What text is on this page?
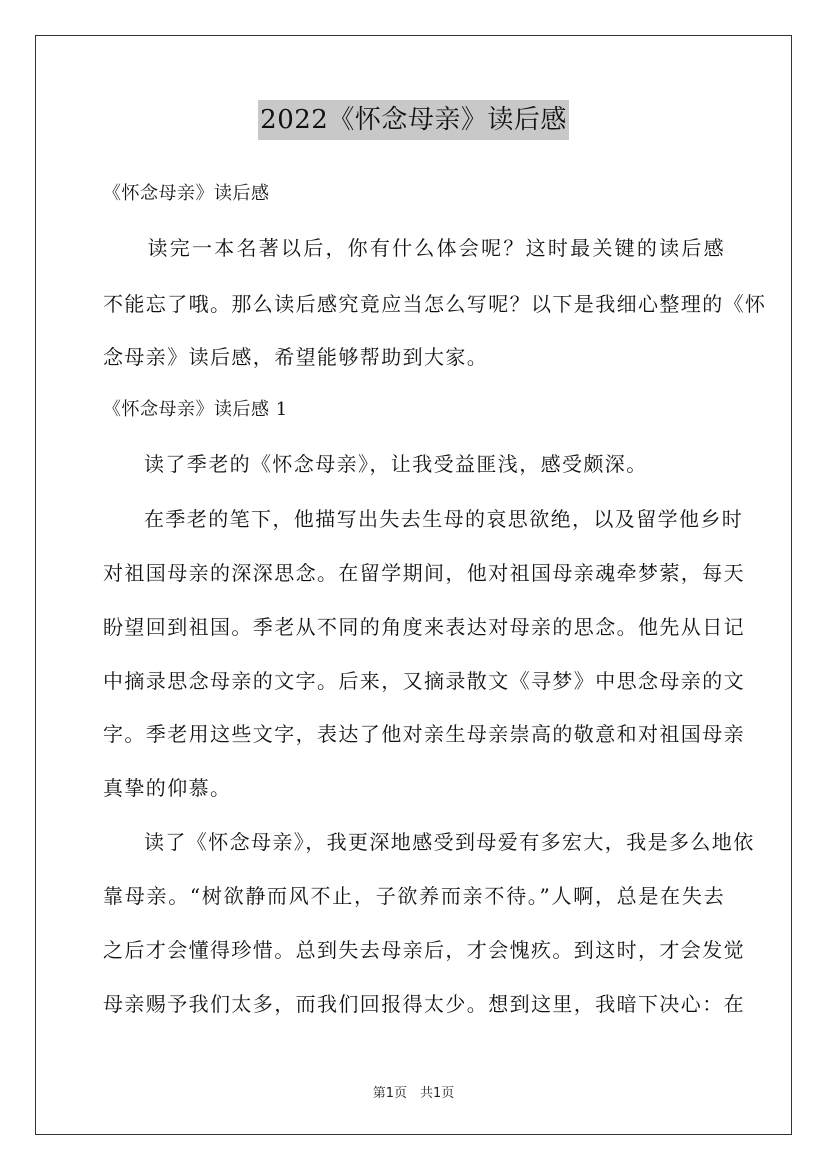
2022《怀念母亲》读后感
《怀念母亲》读后感
　　读完一本名著以后，你有什么体会呢？这时最关键的读后感
不能忘了哦。那么读后感究竟应当怎么写呢？以下是我细心整理的《怀
念母亲》读后感，希望能够帮助到大家。
《怀念母亲》读后感 1
读了季老的《怀念母亲》，让我受益匪浅，感受颇深。
在季老的笔下，他描写出失去生母的哀思欲绝，以及留学他乡时
对祖国母亲的深深思念。在留学期间，他对祖国母亲魂牵梦萦，每天
盼望回到祖国。季老从不同的角度来表达对母亲的思念。他先从日记
中摘录思念母亲的文字。后来，又摘录散文《寻梦》中思念母亲的文
字。季老用这些文字，表达了他对亲生母亲崇高的敬意和对祖国母亲
真挚的仰慕。
读了《怀念母亲》，我更深地感受到母爱有多宏大，我是多么地依
靠母亲。“树欲静而风不止，子欲养而亲不待。”人啊，总是在失去
之后才会懂得珍惜。总到失去母亲后，才会愧疚。到这时，才会发觉
母亲赐予我们太多，而我们回报得太少。想到这里，我暗下决心：在
第1页　共1页
